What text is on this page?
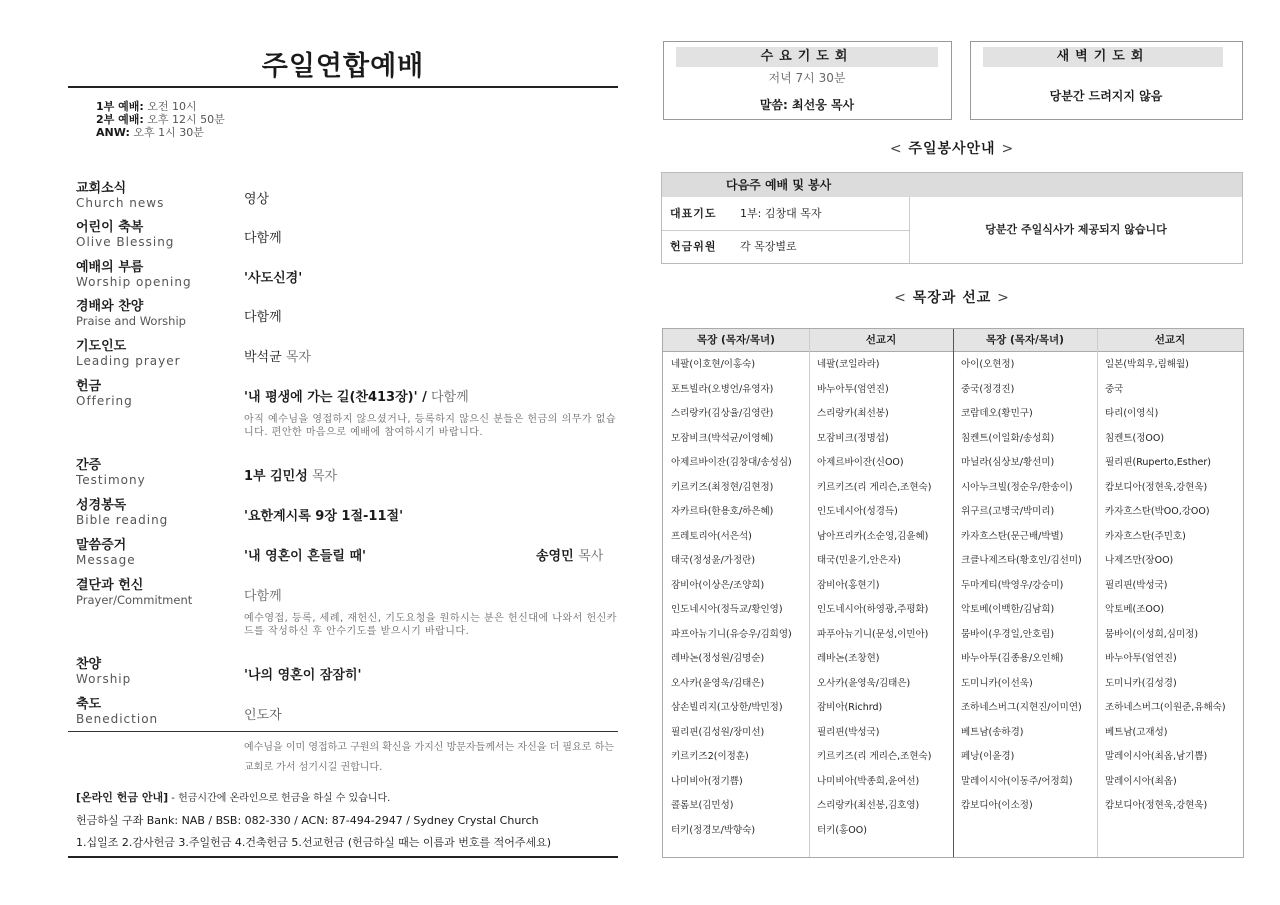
주일연합예배
1부 예배: 오전 10시
2부 예배: 오후 12시 50분
ANW: 오후 1시 30분
교회소식
Church news	영상
어린이 축복
Olive Blessing	다함께
예배의 부름
Worship opening	'사도신경'
경배와 찬양
Praise and Worship	다함께
기도인도
Leading prayer	박석균 목자
헌금
Offering	'내 평생에 가는 길(찬413장)' / 다함께
아직 예수님을 영접하지 않으셨거나, 등록하지 않으신 분들은 헌금의 의무가 없습니다. 편안한 마음으로 예배에 참여하시기 바랍니다.
간증
Testimony	1부 김민성 목자
성경봉독
Bible reading	'요한계시록 9장 1절-11절'
말씀증거
Message	'내 영혼이 흔들릴 때'	송영민 목사
결단과 헌신
Prayer/Commitment	다함께
예수영접, 등록, 세례, 재헌신, 기도요청을 원하시는 분은 헌신대에 나와서 헌신카드를 작성하신 후 안수기도를 받으시기 바랍니다.
찬양
Worship	'나의 영혼이 잠잠히'
축도
Benediction	인도자
예수님을 이미 영접하고 구원의 확신을 가지신 방문자들께서는 자신을 더 필요로 하는 교회로 가서 섬기시길 권합니다.
[온라인 헌금 안내] - 헌금시간에 온라인으로 헌금을 하실 수 있습니다.
헌금하실 구좌 Bank: NAB / BSB: 082-330 / ACN: 87-494-2947 / Sydney Crystal Church
1.십일조 2.감사헌금 3.주일헌금 4.건축헌금 5.선교헌금 (헌금하실 때는 이름과 번호를 적어주세요)
수요기도회
저녁 7시 30분
말씀: 최선웅 목사
새벽기도회
당분간 드려지지 않음
< 주일봉사안내 >
다음주 예배 및 봉사
대표기도 1부: 김창대 목자
헌금위원 각 목장별로
당분간 주일식사가 제공되지 않습니다
< 목장과 선교 >
목장 (목자/목녀)	선교지	목장 (목자/목녀)	선교지
네팔(이호현/이홍숙)	네팔(코일라라)	아이(오현정)	일본(박희우,림해월)
포트빌라(오병언/유영자)	바누아투(엄연진)	중국(정경진)	중국
스리랑카(김상율/김영란)	스리랑카(최선봉)	코람데오(황민구)	타리(이영식)
모잠비크(박석균/이영혜)	모잠비크(정명섭)	침켄트(이일화/송성희)	침켄트(정OO)
아제르바이잔(김창대/송성심)	아제르바이잔(신OO)	마닐라(심상보/황선미)	필리핀(Ruperto,Esther)
키르키즈(최정현/김현정)	키르키즈(리 게리슨,조현숙)	시아누크빌(정순우/한송이)	캄보디아(정현욱,강현욱)
자카르타(한용호/하은혜)	인도네시아(성경득)	위구르(고병국/박미리)	카자흐스탄(박OO,강OO)
프레토리아(서은석)	남아프리카(소순영,김윤혜)	카자흐스탄(문근배/박별)	카자흐스탄(주민호)
태국(정성윤/가정란)	태국(민윤기,안은자)	크클나제즈타(황호인/김선미)	나제즈만(장OO)
잠비아(이상은/조양희)	잠비아(홍현기)	두마게티(박영우/강승미)	필리핀(박성국)
인도네시아(정득교/황인영)	인도네시아(하영광,주평화)	악토베(이백한/김남희)	악토베(조OO)
파프아뉴기니(유승우/김희영)	파푸아뉴기니(문성,이민아)	뭄바이(우경일,안호림)	뭄바이(이성희,심미정)
레바논(정성원/김명순)	레바논(조창현)	바누아투(김종용/오인해)	바누아투(엄연진)
오사카(윤영욱/김태은)	오사카(윤영욱/김태은)	도미니카(이선욱)	도미니카(김성경)
삼손빌리지(고상한/박민정)	잠비아(Richrd)	조하네스버그(지현진/이미연)	조하네스버그(이원준,유해숙)
필리핀(김성원/장미선)	필리핀(박성국)	베트남(송하경)	베트남(고재성)
키르키즈2(이정훈)	키르키즈(리 게리슨,조현숙)	페낭(이윤경)	말레이시아(최옵,남기쁨)
나미비아(정기쁨)	나미비아(박종희,윤여선)	말레이시아(이동주/어정희)	말레이시아(최옵)
콜롬보(김민성)	스리랑카(최선봉,김호영)	캄보디아(이소정)	캄보디아(정현욱,강현욱)
터키(정경모/박향숙)	터키(홍OO)
